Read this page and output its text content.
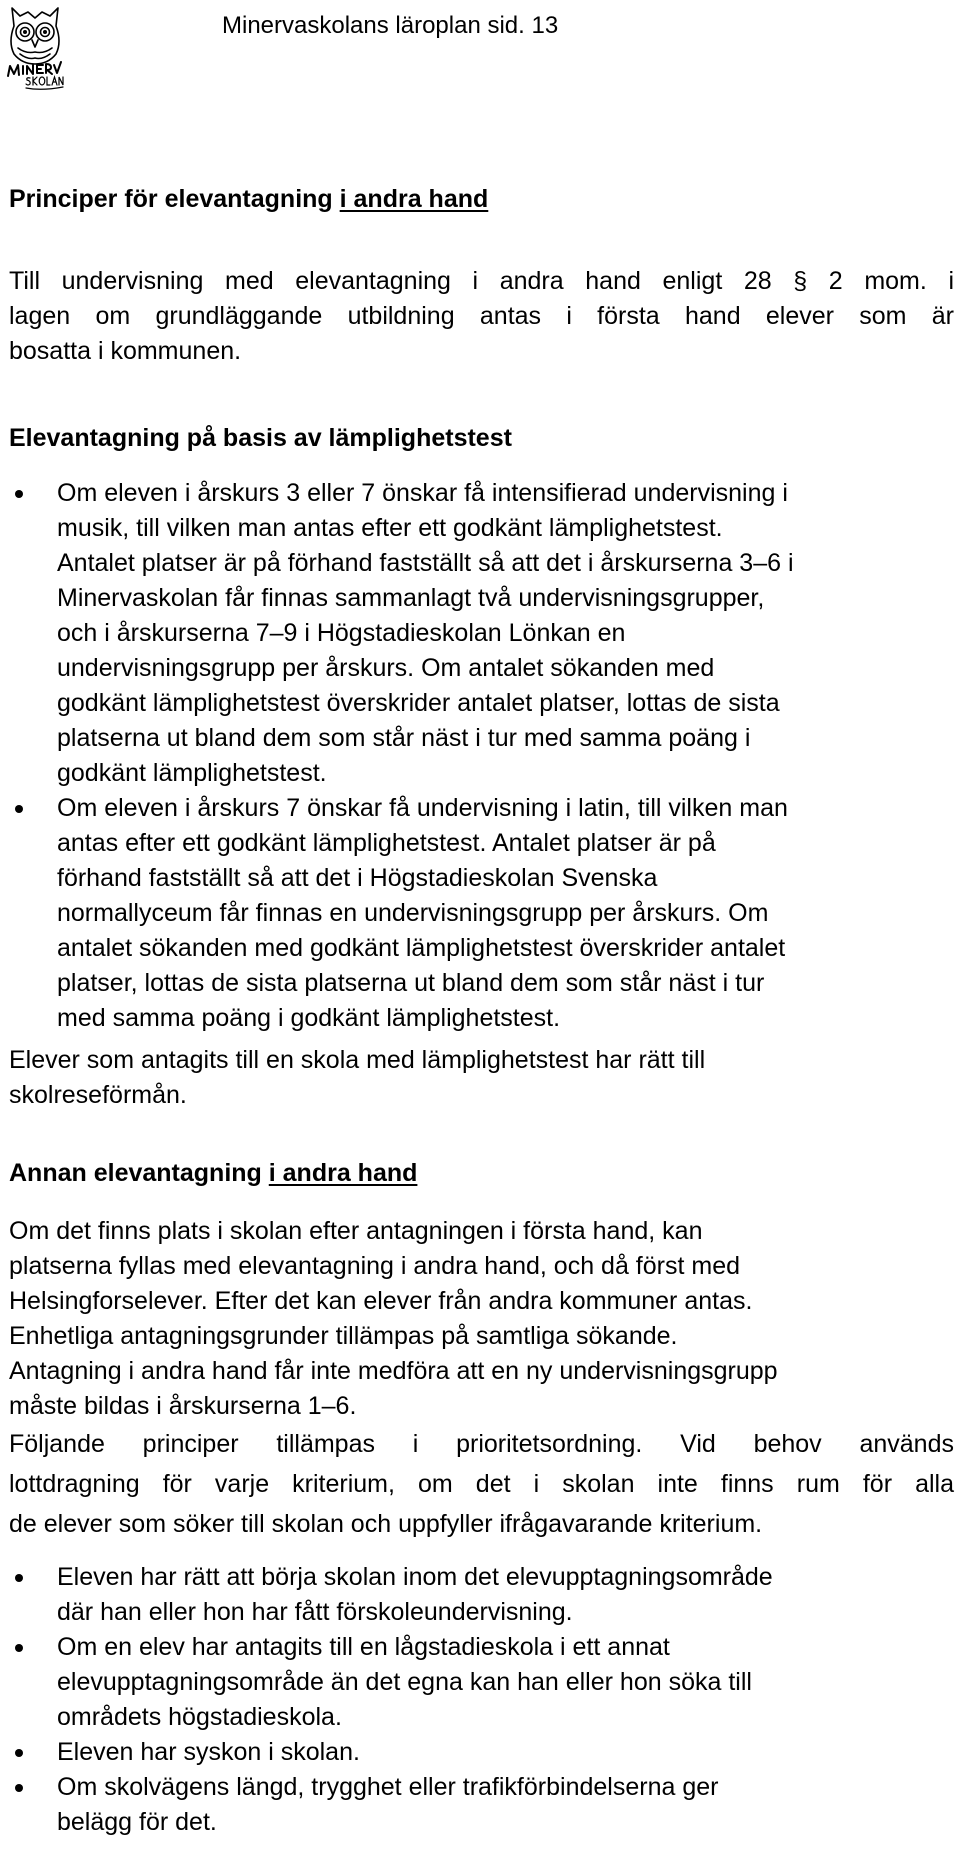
Minervaskolans läroplan sid. 13
Principer för elevantagning i andra hand
Till undervisning med elevantagning i andra hand enligt 28 § 2 mom. i
lagen om grundläggande utbildning antas i första hand elever som är
bosatta i kommunen.
Elevantagning på basis av lämplighetstest
Om eleven i årskurs 3 eller 7 önskar få intensifierad undervisning i
musik, till vilken man antas efter ett godkänt lämplighetstest.
Antalet platser är på förhand fastställt så att det i årskurserna 3–6 i
Minervaskolan får finnas sammanlagt två undervisningsgrupper,
och i årskurserna 7–9 i Högstadieskolan Lönkan en
undervisningsgrupp per årskurs. Om antalet sökanden med
godkänt lämplighetstest överskrider antalet platser, lottas de sista
platserna ut bland dem som står näst i tur med samma poäng i
godkänt lämplighetstest.
Om eleven i årskurs 7 önskar få undervisning i latin, till vilken man
antas efter ett godkänt lämplighetstest. Antalet platser är på
förhand fastställt så att det i Högstadieskolan Svenska
normallyceum får finnas en undervisningsgrupp per årskurs. Om
antalet sökanden med godkänt lämplighetstest överskrider antalet
platser, lottas de sista platserna ut bland dem som står näst i tur
med samma poäng i godkänt lämplighetstest.
Elever som antagits till en skola med lämplighetstest har rätt till
skolreseförmån.
Annan elevantagning i andra hand
Om det finns plats i skolan efter antagningen i första hand, kan
platserna fyllas med elevantagning i andra hand, och då först med
Helsingforselever. Efter det kan elever från andra kommuner antas.
Enhetliga antagningsgrunder tillämpas på samtliga sökande.
Antagning i andra hand får inte medföra att en ny undervisningsgrupp
måste bildas i årskurserna 1–6.
Följande principer tillämpas i prioritetsordning. Vid behov används
lottdragning för varje kriterium, om det i skolan inte finns rum för alla
de elever som söker till skolan och uppfyller ifrågavarande kriterium.
Eleven har rätt att börja skolan inom det elevupptagningsområde
där han eller hon har fått förskoleundervisning.
Om en elev har antagits till en lågstadieskola i ett annat
elevupptagningsområde än det egna kan han eller hon söka till
områdets högstadieskola.
Eleven har syskon i skolan.
Om skolvägens längd, trygghet eller trafikförbindelserna ger
belägg för det.
